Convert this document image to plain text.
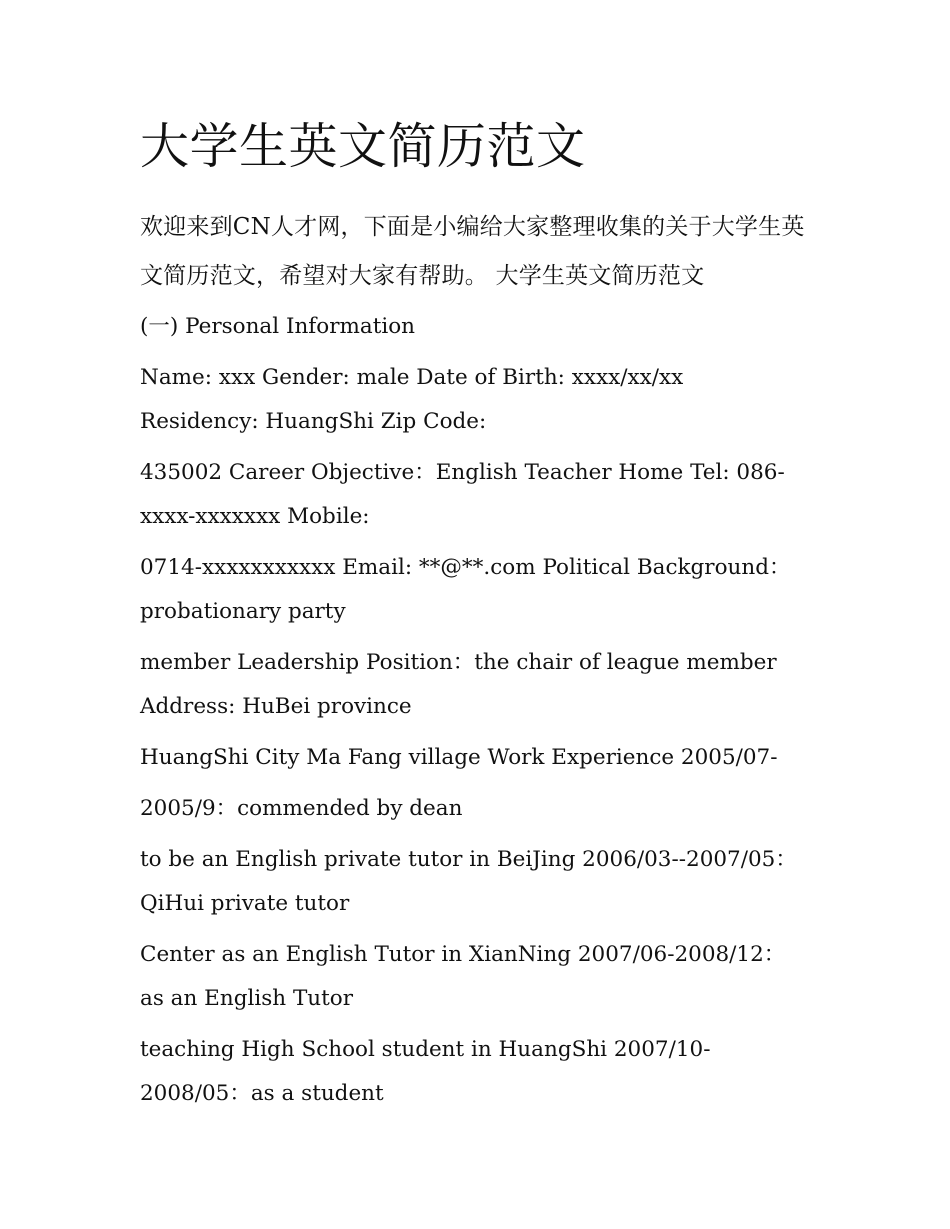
大学生英文简历范文

欢迎来到CN人才网，下面是小编给大家整理收集的关于大学生英文简历范文，希望对大家有帮助。 大学生英文简历范文

(一) Personal Information

Name: xxx Gender: male Date of Birth: xxxx/xx/xx Residency: HuangShi Zip Code:

435002 Career Objective：English Teacher Home Tel: 086-xxxx-xxxxxxx Mobile:

0714-xxxxxxxxxxx Email: **@**.com Political Background：probationary party

member Leadership Position：the chair of league member Address: HuBei province

HuangShi City Ma Fang village Work Experience 2005/07-

2005/9：commended by dean

to be an English private tutor in BeiJing 2006/03--2007/05：QiHui private tutor

Center as an English Tutor in XianNing 2007/06-2008/12：as an English Tutor

teaching High School student in HuangShi 2007/10-2008/05：as a student
